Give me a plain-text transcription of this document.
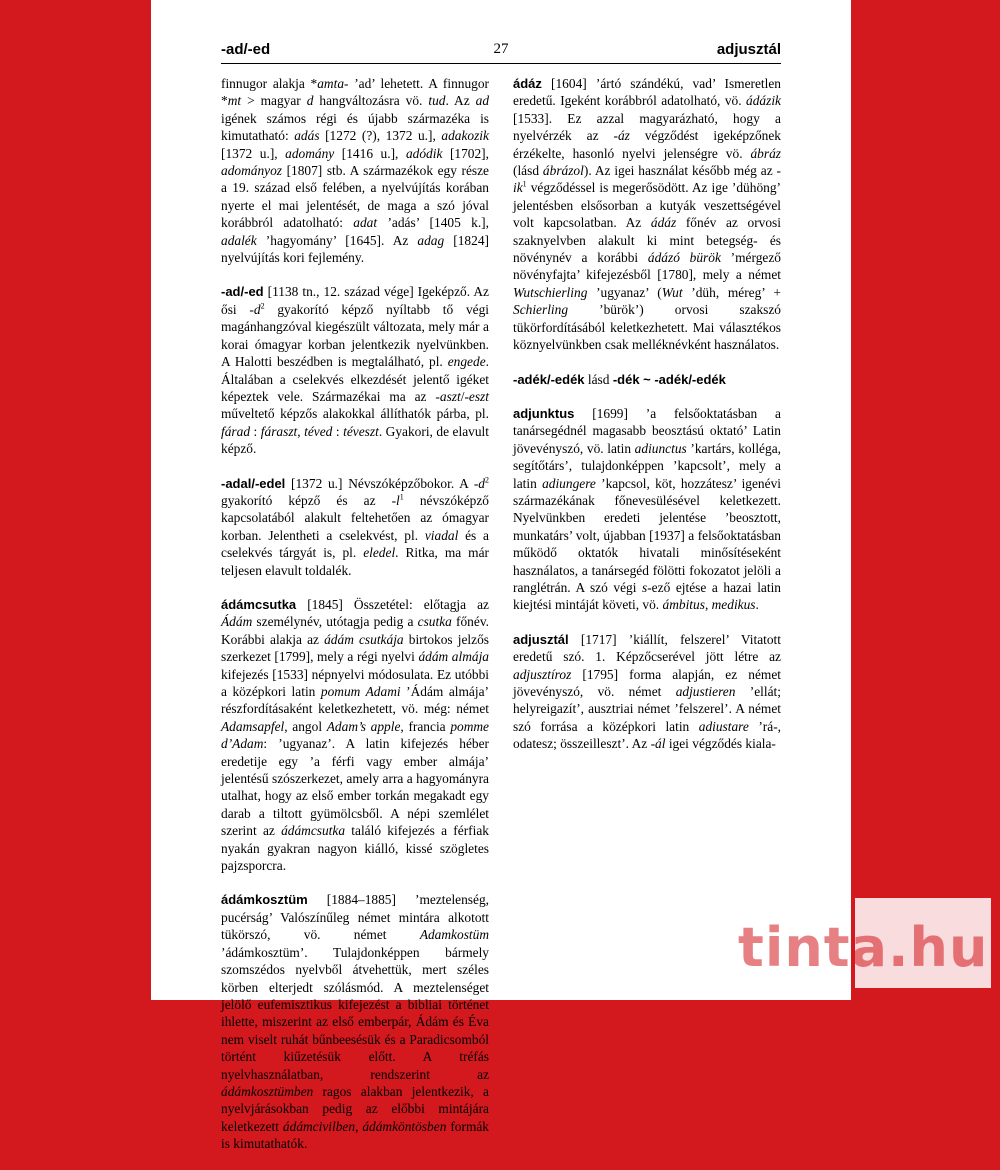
-ad/-ed	27	adjusztál

finnugor alakja *amta- ’ad’ lehetett. A finnugor *mt > magyar d hangváltozásra vö. tud. Az ad igének számos régi és újabb származéka is kimutatható: adás [1272 (?), 1372 u.], adakozik [1372 u.], adomány [1416 u.], adódik [1702], adományoz [1807] stb. A származékok egy része a 19. század első felében, a nyelvújítás korában nyerte el mai jelentését, de maga a szó jóval korábbról adatolható: adat ’adás’ [1405 k.], adalék ’hagyomány’ [1645]. Az adag [1824] nyelvújítás kori fejlemény.

-ad/-ed [1138 tn., 12. század vége] Igeképző. Az ősi $-d^2$ gyakorító képző nyíltabb tő végi magánhangzóval kiegészült változata, mely már a korai ómagyar korban jelentkezik nyelvünkben. A Halotti beszédben is megtalálható, pl. engede. Általában a cselekvés elkezdését jelentő igéket képeztek vele. Származékai ma az -aszt/-eszt műveltető képzős alakokkal állíthatók párba, pl. fárad : fáraszt, téved : téveszt. Gyakori, de elavult képző.

-adal/-edel [1372 u.] Névszóképzőbokor. A $-d^2$ gyakorító képző és az $-l^1$ névszóképző kapcsolatából alakult feltehetően az ómagyar korban. Jelentheti a cselekvést, pl. viadal és a cselekvés tárgyát is, pl. eledel. Ritka, ma már teljesen elavult toldalék.

ádámcsutka [1845] Összetétel: előtagja az Ádám személynév, utótagja pedig a csutka főnév. Korábbi alakja az ádám csutkája birtokos jelzős szerkezet [1799], mely a régi nyelvi ádám almája kifejezés [1533] népnyelvi módosulata. Ez utóbbi a középkori latin pomum Adami ’Ádám almája’ részfordításaként keletkezhetett, vö. még: német Adamsapfel, angol Adam’s apple, francia pomme d’Adam: ’ugyanaz’. A latin kifejezés héber eredetije egy ’a férfi vagy ember almája’ jelentésű szószerkezet, amely arra a hagyományra utalhat, hogy az első ember torkán megakadt egy darab a tiltott gyümölcsből. A népi szemlélet szerint az ádámcsutka találó kifejezés a férfiak nyakán gyakran nagyon kiálló, kissé szögletes pajzsporcra.

ádámkosztüm [1884–1885] ’meztelenség, pucérság’ Valószínűleg német mintára alkotott tükörszó, vö. német Adamkostüm ’ádámkosztüm’. Tulajdonképpen bármely szomszédos nyelvből átvehettük, mert széles körben elterjedt szólásmód. A meztelenséget jelölő eufemisztikus kifejezést a bibliai történet ihlette, miszerint az első emberpár, Ádám és Éva nem viselt ruhát bűnbeesésük és a Paradicsomból történt kiűzetésük előtt. A tréfás nyelvhasználatban, rendszerint az ádámkosztümben ragos alakban jelentkezik, a nyelvjárásokban pedig az előbbi mintájára keletkezett ádámcivilben, ádámköntösben formák is kimutathatók.

ádáz [1604] ’ártó szándékú, vad’ Ismeretlen eredetű. Igeként korábbról adatolható, vö. ádázik [1533]. Ez azzal magyarázható, hogy a nyelvérzék az -áz végződést igeképzőnek érzékelte, hasonló nyelvi jelenségre vö. ábráz (lásd ábrázol). Az igei használat később még az $-ik^1$ végződéssel is megerősödött. Az ige ’dühöng’ jelentésben elsősorban a kutyák veszettségével volt kapcsolatban. Az ádáz főnév az orvosi szaknyelvben alakult ki mint betegség- és növénynév a korábbi ádázó bürök ’mérgező növényfajta’ kifejezésből [1780], mely a német Wutschierling ’ugyanaz’ (Wut ’düh, méreg’ + Schierling ’bürök’) orvosi szakszó tükörfordításából keletkezhetett. Mai választékos köznyelvünkben csak melléknévként használatos.

-adék/-edék lásd -dék ~ -adék/-edék

adjunktus [1699] ’a felsőoktatásban a tanársegédnél magasabb beosztású oktató’ Latin jövevényszó, vö. latin adiunctus ’kartárs, kolléga, segítőtárs’, tulajdonképpen ’kapcsolt’, mely a latin adiungere ’kapcsol, köt, hozzátesz’ igenévi származékának főnevesülésével keletkezett. Nyelvünkben eredeti jelentése ’beosztott, munkatárs’ volt, újabban [1937] a felsőoktatásban működő oktatók hivatali minősítéseként használatos, a tanársegéd fölötti fokozatot jelöli a ranglétrán. A szó végi s-ező ejtése a hazai latin kiejtési mintáját követi, vö. ámbitus, medikus.

adjusztál [1717] ’kiállít, felszerel’ Vitatott eredetű szó. 1. Képzőcserével jött létre az adjusztíroz [1795] forma alapján, ez német jövevényszó, vö. német adjustieren ’ellát; helyreigazít’, ausztriai német ’felszerel’. A német szó forrása a középkori latin adiustare ’rá-, odatesz; összeilleszt’. Az -ál igei végződés kiala-

tinta.hu
